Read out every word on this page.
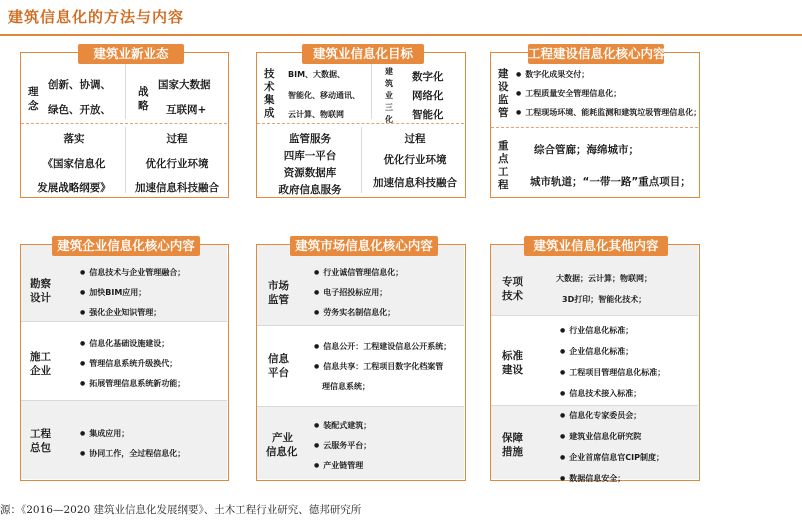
建筑信息化的方法与内容
建筑业新业态
理
念
创新、协调、
绿色、开放、
战
略
国家大数据
互联网+
落实
《国家信息化
发展战略纲要》
过程
优化行业环境
加速信息科技融合
建筑业信息化目标
技
术
集
成
BIM、大数据、
智能化、移动通讯、
云计算、物联网
建
筑
业
三
化
数字化
网络化
智能化
监管服务
四库一平台
资源数据库
政府信息服务
过程
优化行业环境
加速信息科技融合
工程建设信息化核心内容
建
设
监
管
● 数字化成果交付；
● 工程质量安全管理信息化；
● 工程现场环境、能耗监测和建筑垃圾管理信息化；
重
点
工
程
综合管廊；海绵城市；
城市轨道；“一带一路”重点项目；
建筑企业信息化核心内容
勘察
设计
● 信息技术与企业管理融合；
● 加快BIM应用；
● 强化企业知识管理；
施工
企业
● 信息化基础设施建设；
● 管理信息系统升级换代；
● 拓展管理信息系统新功能；
工程
总包
● 集成应用；
● 协同工作，全过程信息化；
建筑市场信息化核心内容
市场
监管
● 行业诚信管理信息化；
● 电子招投标应用；
● 劳务实名制信息化；
信息
平台
● 信息公开：工程建设信息公开系统；
● 信息共享：工程项目数字化档案管
理信息系统；
产业
信息化
● 装配式建筑；
● 云服务平台；
● 产业链管理
建筑业信息化其他内容
专项
技术
大数据；云计算；物联网；
3D打印；智能化技术；
标准
建设
● 行业信息化标准；
● 企业信息化标准；
● 工程项目管理信息化标准；
● 信息技术接入标准；
保障
措施
● 信息化专家委员会；
● 建筑业信息化研究院
● 企业首席信息官CIP制度；
● 数据信息安全；
源：《2016—2020 建筑业信息化发展纲要》、土木工程行业研究、德邦研究所
